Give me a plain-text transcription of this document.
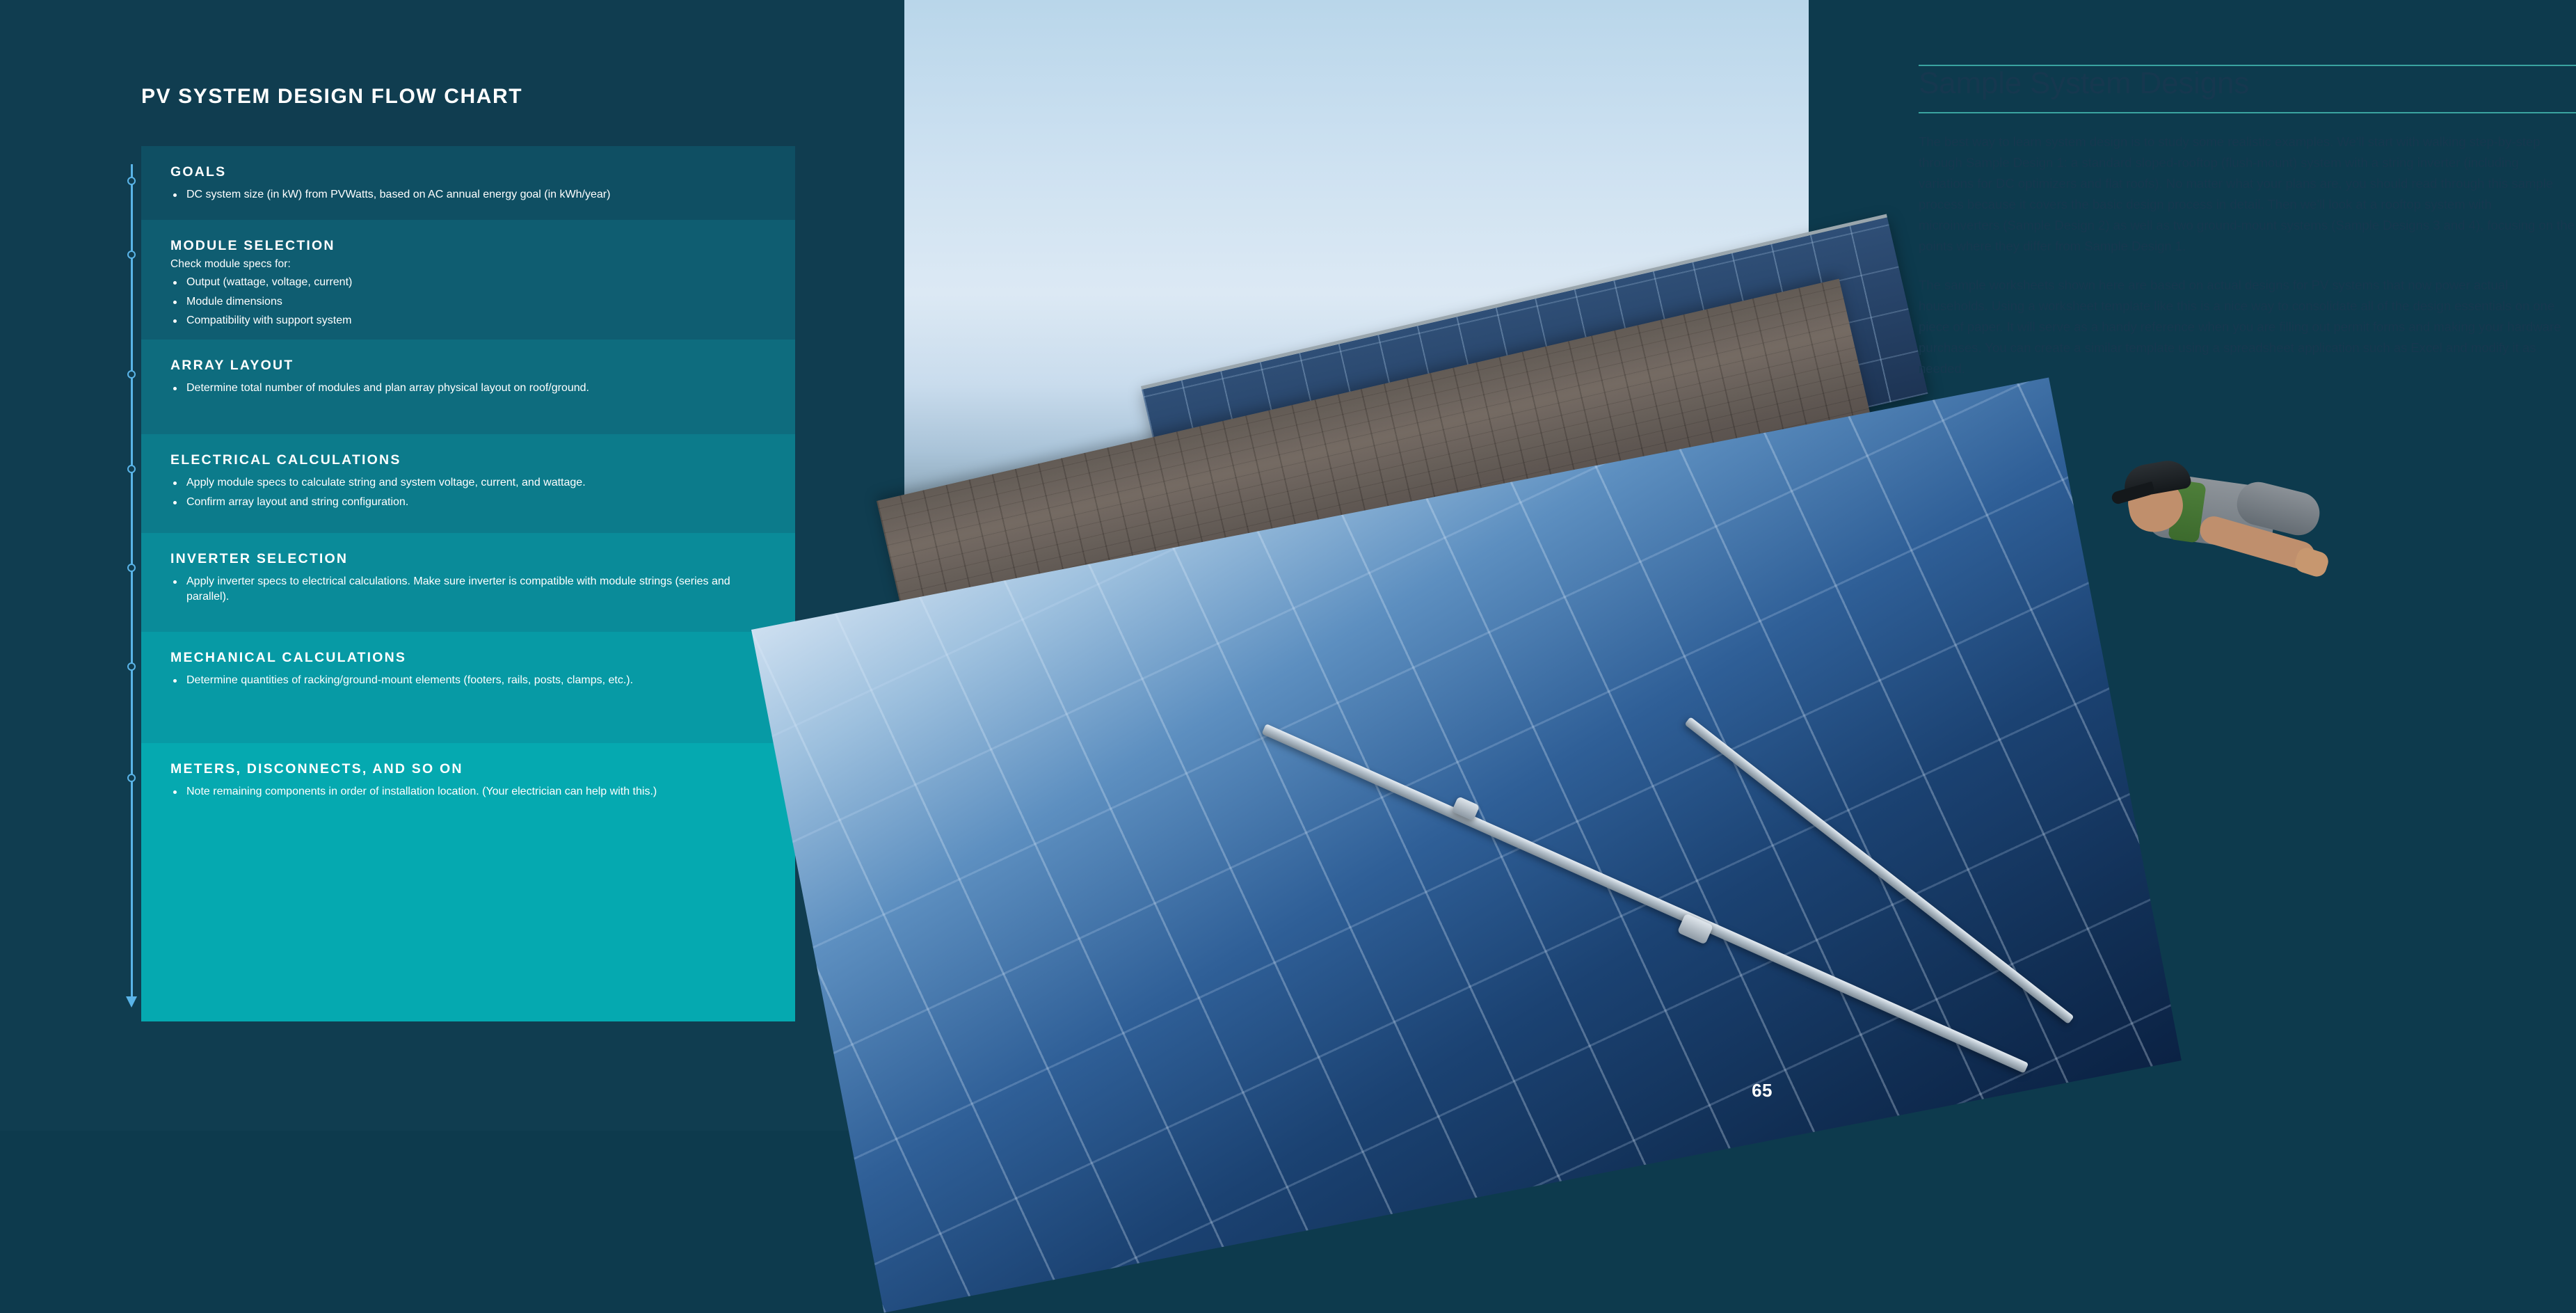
PV SYSTEM DESIGN FLOW CHART
GOALS
DC system size (in kW) from PVWatts, based on AC annual energy goal (in kWh/year)
MODULE SELECTION
Check module specs for:
Output (wattage, voltage, current)
Module dimensions
Compatibility with support system
ARRAY LAYOUT
Determine total number of modules and plan array physical layout on roof/ground.
ELECTRICAL CALCULATIONS
Apply module specs to calculate string and system voltage, current, and wattage.
Confirm array layout and string configuration.
INVERTER SELECTION
Apply inverter specs to electrical calculations. Make sure inverter is compatible with module strings (series and parallel).
MECHANICAL CALCULATIONS
Determine quantities of racking/ground-mount elements (footers, rails, posts, clamps, etc.).
METERS, DISCONNECTS, AND SO ON
Note remaining components in order of installation location. (Your electrician can help with this.)
Sample System Designs

The best way to learn system design is to study some realistic examples. We'll start with walking step-by-step through Sample Design 1: a standard sloped-rooftop (flush-mount) system with a string inverter (including variations for DC optimizers and flat roofs). No matter what your plans are, you should read through this sample process because it covers the basic design process in detail. Then we'll look at a rooftop system with microinverters (Sample Design 2) as well as two ground-mount systems (Sample Designs 3 and 4), focusing on the points where they differ from Sample Design 1.

The sample worksheets shown here are based on actual designs for PV systems that now power actual households. Using a worksheet template like this is a nice way to consolidate all of the design essentials on one piece of paper. It will serve as a handy reference when you are filling out permit forms and making your hardware purchases. You can create a similar template using a spreadsheet application such as Excel and modify it as needed.

65
